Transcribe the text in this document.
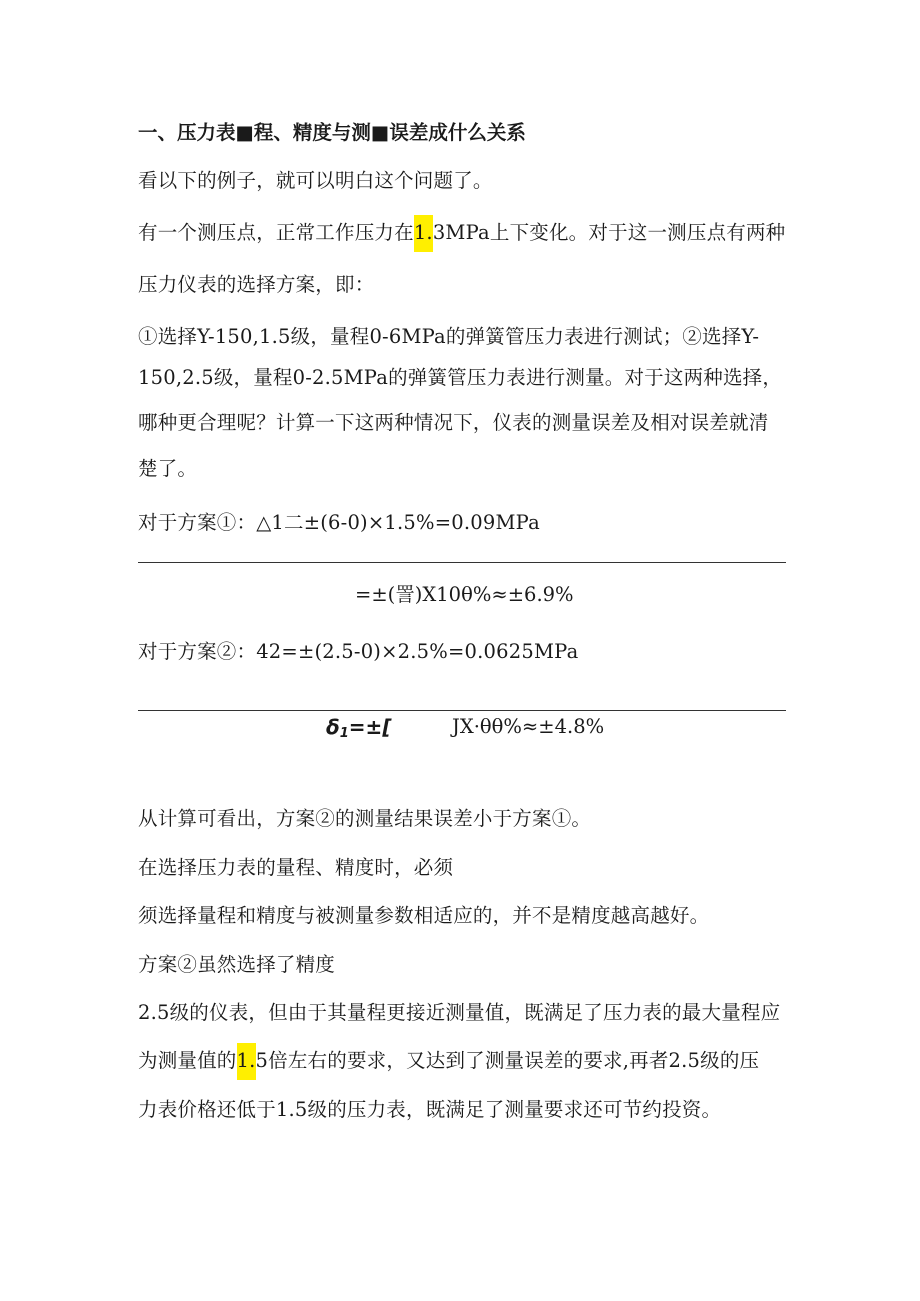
一、压力表■程、精度与测■误差成什么关系
看以下的例子，就可以明白这个问题了。
有一个测压点，正常工作压力在1.3MPa上下变化。对于这一测压点有两种
压力仪表的选择方案，即：
①选择Y-150,1.5级，量程0-6MPa的弹簧管压力表进行测试；②选择Y-
150,2.5级，量程0-2.5MPa的弹簧管压力表进行测量。对于这两种选择，
哪种更合理呢？计算一下这两种情况下，仪表的测量误差及相对误差就清
楚了。
对于方案①：△1二±(6-0)×1.5%=0.09MPa
=±(詈)X10θ%≈±6.9%
对于方案②：42=±(2.5-0)×2.5%=0.0625MPa
$\delta_1=\pm$[	JX·θθ%≈±4.8%
从计算可看出，方案②的测量结果误差小于方案①。
在选择压力表的量程、精度时，必须
须选择量程和精度与被测量参数相适应的，并不是精度越高越好。
方案②虽然选择了精度
2.5级的仪表，但由于其量程更接近测量值，既满足了压力表的最大量程应
为测量值的1.5倍左右的要求，又达到了测量误差的要求,再者2.5级的压
力表价格还低于1.5级的压力表，既满足了测量要求还可节约投资。
